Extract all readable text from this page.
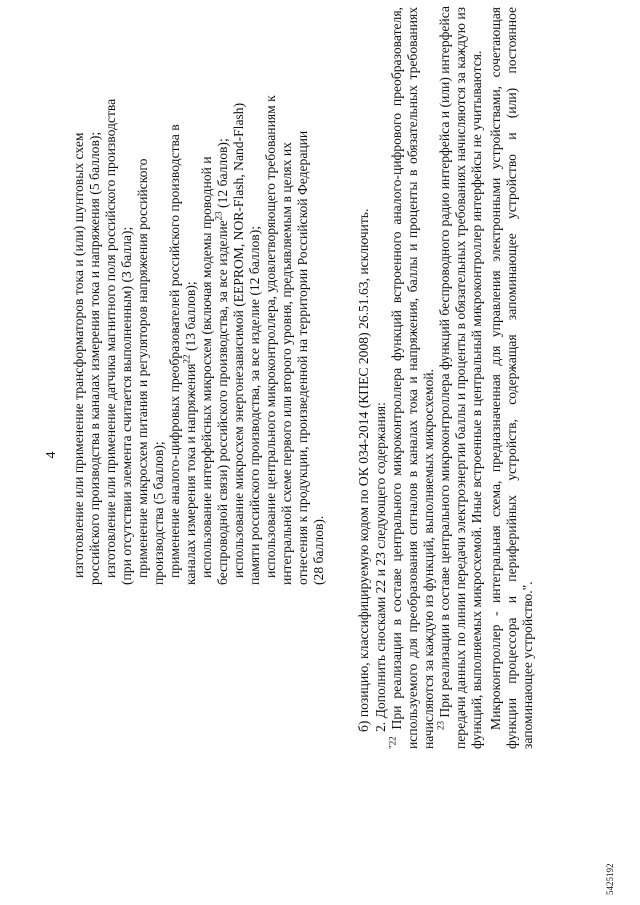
4 изготовление или применение трансформаторов тока и (или) шунтовых схем российского производства в каналах измерения тока и напряжения (5 баллов); изготовление или применение датчика магнитного поля российского производства (при отсутствии элемента считается выполненным) (3 балла); применение микросхем питания и регуляторов напряжения российского производства (5 баллов); применение аналого-цифровых преобразователей российского производства в каналах измерения тока и напряжения$^{22}$ (13 баллов); использование интерфейсных микросхем (включая модемы проводной и беспроводной связи) российского производства, за все изделие$^{23}$ (12 баллов); использование микросхем энергонезависимой (EEPROM, NOR-Flash, Nand-Flash) памяти российского производства, за все изделие (12 баллов); использование центрального микроконтроллера, удовлетворяющего требованиям к интегральной схеме первого или второго уровня, предъявляемым в целях их отнесения к продукции, произведенной на территории Российской Федерации (28 баллов). б) позицию, классифицируемую кодом по ОК 034-2014 (КПЕС 2008) 26.51.63, исключить. 2. Дополнить сносками 22 и 23 следующего содержания:
$^{"22}$ При реализации в составе центрального микроконтроллера функций встроенного аналого-цифрового преобразователя, используемого для преобразования сигналов в каналах тока и напряжения, баллы и проценты в обязательных требованиях начисляются за каждую из функций, выполняемых микросхемой. $^{23}$ При реализации в составе центрального микроконтроллера функций беспроводного радио интерфейса и (или) интерфейса передачи данных по линии передачи электроэнергии баллы и проценты в обязательных требованиях начисляются за каждую из функций, выполняемых микросхемой. Иные встроенные в центральный микроконтроллер интерфейсы не учитываются. Микроконтроллер - интегральная схема, предназначенная для управления электронными устройствами, сочетающая функции процессора и периферийных устройств, содержащая запоминающее устройство и (или) постоянное запоминающее устройство.".
5425192
